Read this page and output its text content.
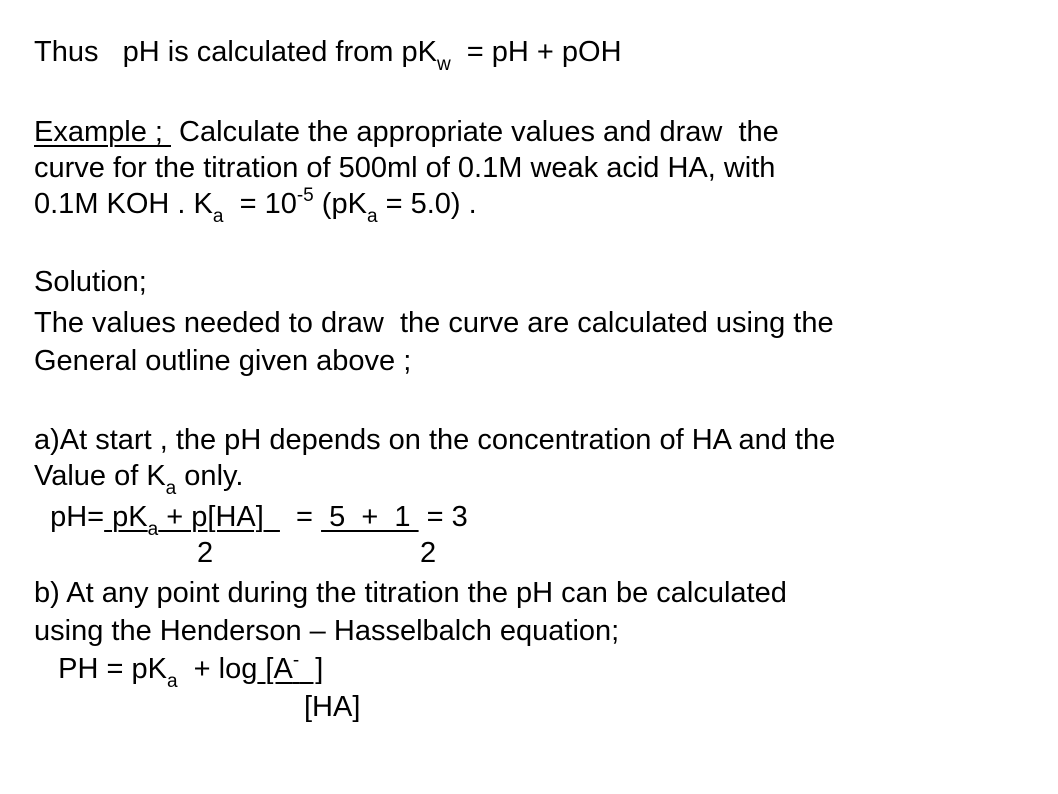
Thus   pH is calculated from $pK_w$  = pH + pOH
Example ;  Calculate the appropriate values and draw  the
curve for the titration of 500ml of 0.1M weak acid HA, with
0.1M KOH . $K_a = 10^{-5}$ $(pK_a = 5.0)$ .
Solution;
The values needed to draw  the curve are calculated using the
General outline given above ;
a)At start , the pH depends on the concentration of HA and the
Value of $K_a$ only.
$pH= pK_a + p[HA]$    =  5  +  1  = 3
2	2
b) At any point during the titration the pH can be calculated
using the Henderson – Hasselbalch equation;
PH = $pK_a + \log [A^-$  ]
[HA]
